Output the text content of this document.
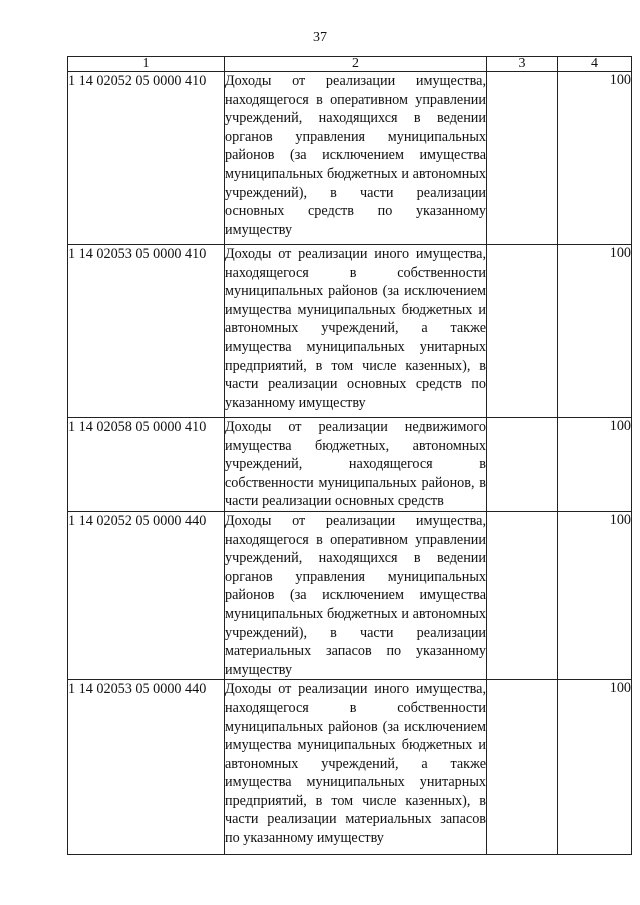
37
1	2	3	4
1 14 02052 05 0000 410	Доходы от реализации имущества, находящегося в оперативном управлении учреждений, находящихся в ведении органов управления муниципальных районов (за исключением имущества муниципальных бюджетных и автономных учреждений), в части реализации основных средств по указанному имуществу		100
1 14 02053 05 0000 410	Доходы от реализации иного имущества, находящегося в собственности муниципальных районов (за исключением имущества муниципальных бюджетных и автономных учреждений, а также имущества муниципальных унитарных предприятий, в том числе казенных), в части реализации основных средств по указанному имуществу		100
1 14 02058 05 0000 410	Доходы от реализации недвижимого имущества бюджетных, автономных учреждений, находящегося в собственности муниципальных районов, в части реализации основных средств		100
1 14 02052 05 0000 440	Доходы от реализации имущества, находящегося в оперативном управлении учреждений, находящихся в ведении органов управления муниципальных районов (за исключением имущества муниципальных бюджетных и автономных учреждений), в части реализации материальных запасов по указанному имуществу		100
1 14 02053 05 0000 440	Доходы от реализации иного имущества, находящегося в собственности муниципальных районов (за исключением имущества муниципальных бюджетных и автономных учреждений, а также имущества муниципальных унитарных предприятий, в том числе казенных), в части реализации материальных запасов по указанному имуществу		100
